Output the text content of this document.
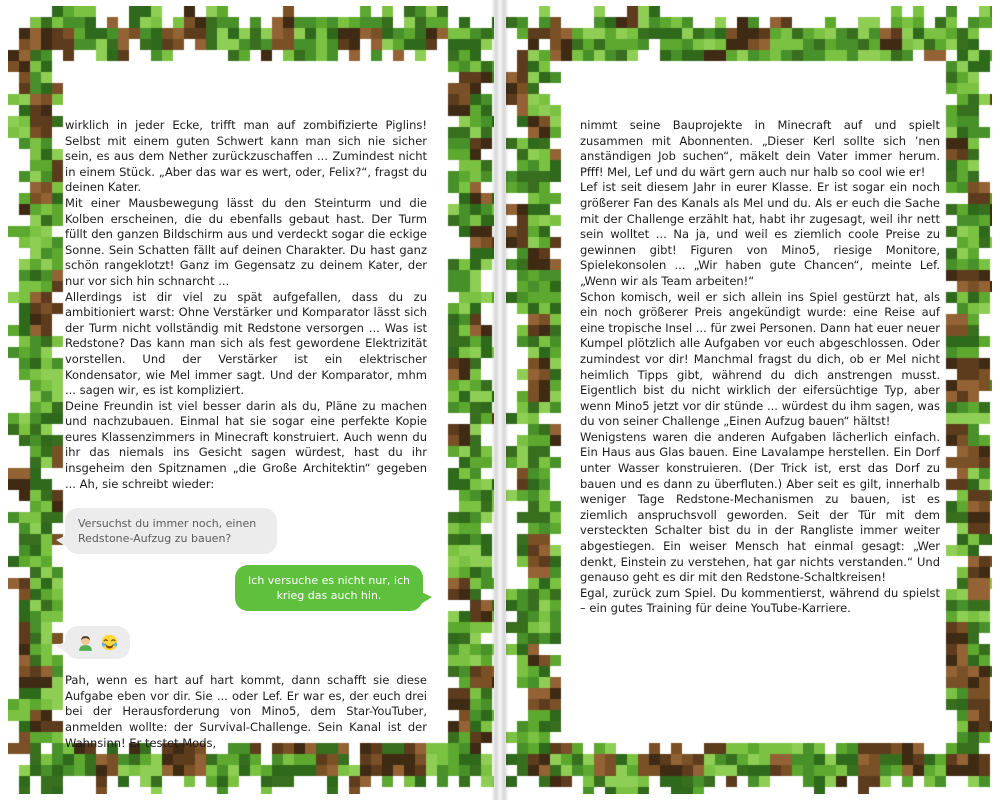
wirklich in jeder Ecke, trifft man auf zombifizierte Piglins! Selbst mit einem guten Schwert kann man sich nie sicher sein, es aus dem Nether zurückzuschaffen ... Zumindest nicht in einem Stück. „Aber das war es wert, oder, Felix?“, fragst du deinen Kater.

Mit einer Mausbewegung lässt du den Steinturm und die Kolben erscheinen, die du ebenfalls gebaut hast. Der Turm füllt den ganzen Bildschirm aus und verdeckt sogar die eckige Sonne. Sein Schatten fällt auf deinen Charakter. Du hast ganz schön rangeklotzt! Ganz im Gegensatz zu deinem Kater, der nur vor sich hin schnarcht ...

Allerdings ist dir viel zu spät aufgefallen, dass du zu ambitioniert warst: Ohne Verstärker und Komparator lässt sich der Turm nicht vollständig mit Redstone versorgen ... Was ist Redstone? Das kann man sich als fest gewordene Elektrizität vorstellen. Und der Verstärker ist ein elektrischer Kondensator, wie Mel immer sagt. Und der Komparator, mhm ... sagen wir, es ist kompliziert.

Deine Freundin ist viel besser darin als du, Pläne zu machen und nachzubauen. Einmal hat sie sogar eine perfekte Kopie eures Klassenzimmers in Minecraft konstruiert. Auch wenn du ihr das niemals ins Gesicht sagen würdest, hast du ihr insgeheim den Spitznamen „die Große Architektin“ gegeben ... Ah, sie schreibt wieder:

Versuchst du immer noch, einen Redstone-Aufzug zu bauen?
Ich versuche es nicht nur, ich krieg das auch hin.

Pah, wenn es hart auf hart kommt, dann schafft sie diese Aufgabe eben vor dir. Sie ... oder Lef. Er war es, der euch drei bei der Herausforderung von Mino5, dem Star-YouTuber, anmelden wollte: der Survival-Challenge. Sein Kanal ist der Wahnsinn! Er testet Mods,

nimmt seine Bauprojekte in Minecraft auf und spielt zusammen mit Abonnenten. „Dieser Kerl sollte sich ’nen anständigen Job suchen“, mäkelt dein Vater immer herum. Pfff! Mel, Lef und du wärt gern auch nur halb so cool wie er!

Lef ist seit diesem Jahr in eurer Klasse. Er ist sogar ein noch größerer Fan des Kanals als Mel und du. Als er euch die Sache mit der Challenge erzählt hat, habt ihr zugesagt, weil ihr nett sein wolltet ... Na ja, und weil es ziemlich coole Preise zu gewinnen gibt! Figuren von Mino5, riesige Monitore, Spielekonsolen ... „Wir haben gute Chancen“, meinte Lef. „Wenn wir als Team arbeiten!“

Schon komisch, weil er sich allein ins Spiel gestürzt hat, als ein noch größerer Preis angekündigt wurde: eine Reise auf eine tropische Insel ... für zwei Personen. Dann hat euer neuer Kumpel plötzlich alle Aufgaben vor euch abgeschlossen. Oder zumindest vor dir! Manchmal fragst du dich, ob er Mel nicht heimlich Tipps gibt, während du dich anstrengen musst. Eigentlich bist du nicht wirklich der eifersüchtige Typ, aber wenn Mino5 jetzt vor dir stünde ... würdest du ihm sagen, was du von seiner Challenge „Einen Aufzug bauen“ hältst!

Wenigstens waren die anderen Aufgaben lächerlich einfach. Ein Haus aus Glas bauen. Eine Lavalampe herstellen. Ein Dorf unter Wasser konstruieren. (Der Trick ist, erst das Dorf zu bauen und es dann zu überfluten.) Aber seit es gilt, innerhalb weniger Tage Redstone-Mechanismen zu bauen, ist es ziemlich anspruchsvoll geworden. Seit der Tür mit dem versteckten Schalter bist du in der Rangliste immer weiter abgestiegen. Ein weiser Mensch hat einmal gesagt: „Wer denkt, Einstein zu verstehen, hat gar nichts verstanden.“ Und genauso geht es dir mit den Redstone-Schaltkreisen!

Egal, zurück zum Spiel. Du kommentierst, während du spielst – ein gutes Training für deine YouTube-Karriere.
